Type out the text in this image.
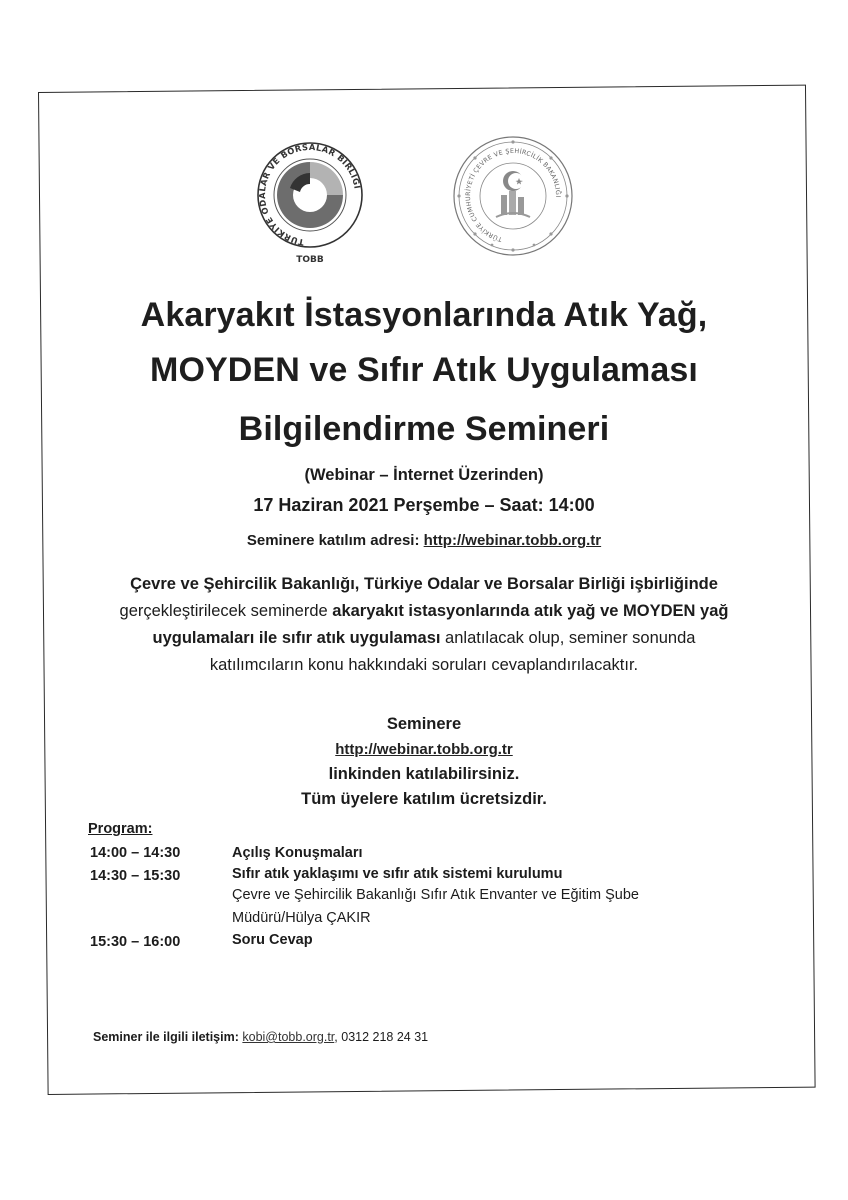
TÜRKİYE ODALAR VE BORSALAR BİRLİĞİ
TOBB
TÜRKİYE CUMHURİYETİ ÇEVRE VE ŞEHİRCİLİK BAKANLIĞI
Akaryakıt İstasyonlarında Atık Yağ,
MOYDEN ve Sıfır Atık Uygulaması
Bilgilendirme Semineri
(Webinar – İnternet Üzerinden)
17 Haziran 2021 Perşembe – Saat: 14:00
Seminere katılım adresi: http://webinar.tobb.org.tr
Çevre ve Şehircilik Bakanlığı, Türkiye Odalar ve Borsalar Birliği işbirliğinde
gerçekleştirilecek seminerde akaryakıt istasyonlarında atık yağ ve MOYDEN yağ
uygulamaları ile sıfır atık uygulaması anlatılacak olup, seminer sonunda
katılımcıların konu hakkındaki soruları cevaplandırılacaktır.
Seminere
http://webinar.tobb.org.tr
linkinden katılabilirsiniz.
Tüm üyelere katılım ücretsizdir.
Program:
14:00 – 14:30	Açılış Konuşmaları
14:30 – 15:30	Sıfır atık yaklaşımı ve sıfır atık sistemi kurulumu
Çevre ve Şehircilik Bakanlığı Sıfır Atık Envanter ve Eğitim Şube
Müdürü/Hülya ÇAKIR
15:30 – 16:00	Soru Cevap
Seminer ile ilgili iletişim: kobi@tobb.org.tr, 0312 218 24 31
